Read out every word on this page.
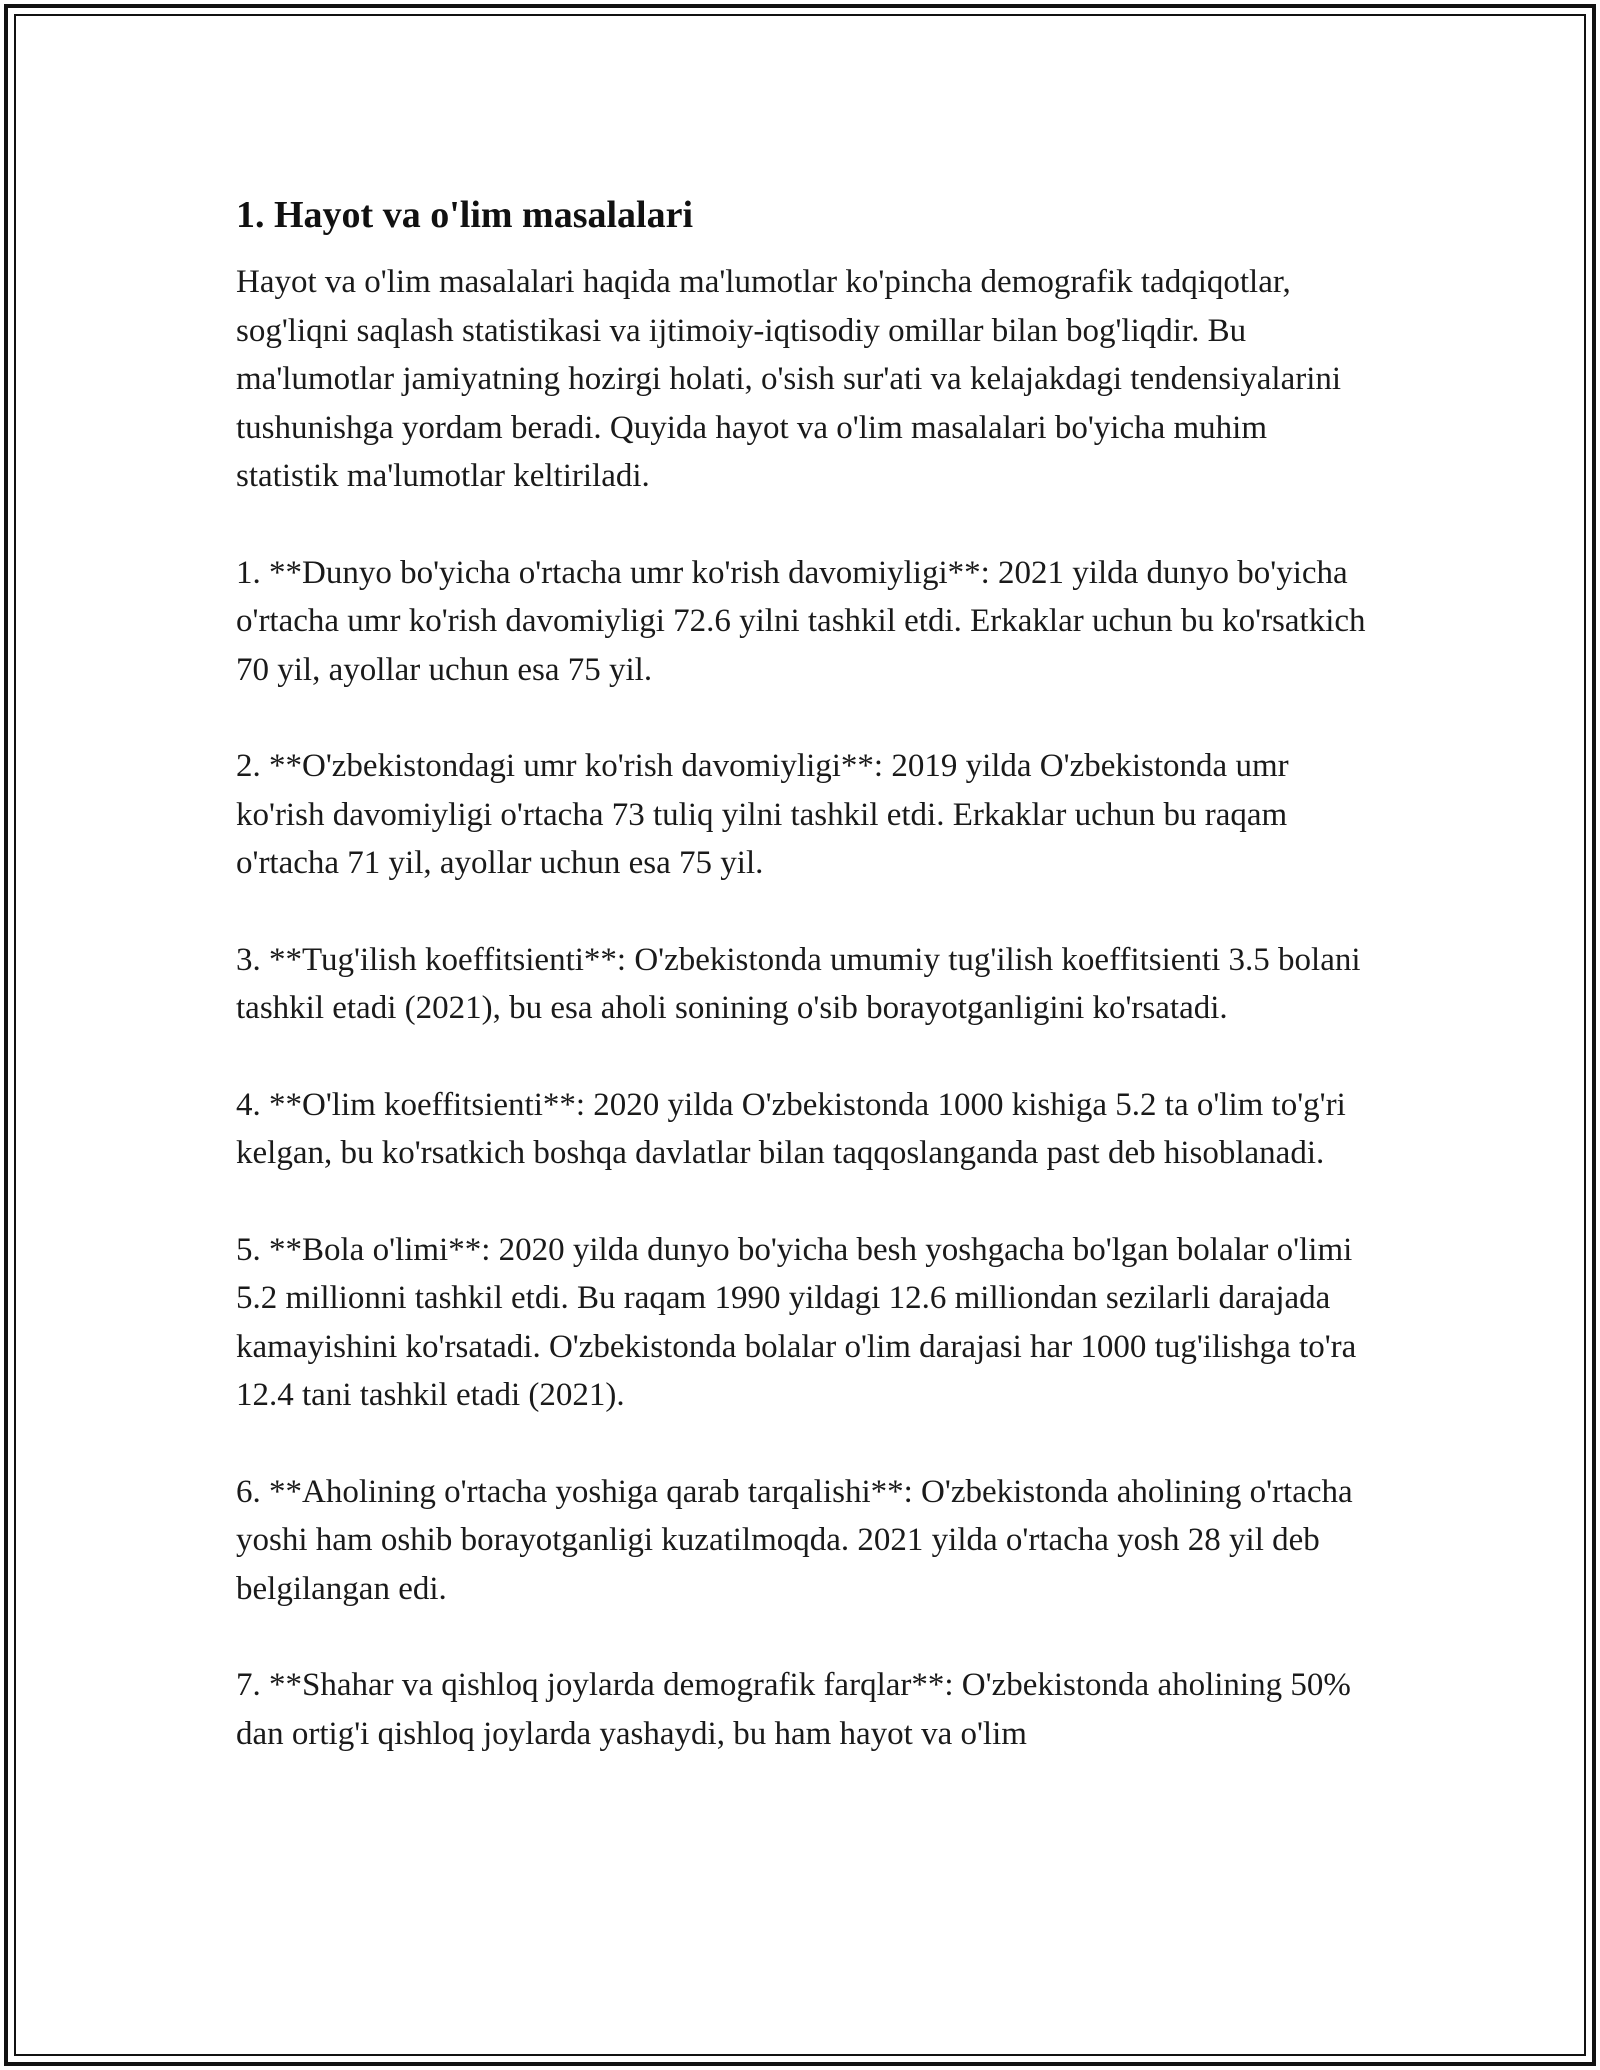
1. Hayot va o'lim masalalari

Hayot va o'lim masalalari haqida ma'lumotlar ko'pincha demografik tadqiqotlar, sog'liqni saqlash statistikasi va ijtimoiy-iqtisodiy omillar bilan bog'liqdir. Bu ma'lumotlar jamiyatning hozirgi holati, o'sish sur'ati va kelajakdagi tendensiyalarini tushunishga yordam beradi. Quyida hayot va o'lim masalalari bo'yicha muhim statistik ma'lumotlar keltiriladi.

1. **Dunyo bo'yicha o'rtacha umr ko'rish davomiyligi**: 2021 yilda dunyo bo'yicha o'rtacha umr ko'rish davomiyligi 72.6 yilni tashkil etdi. Erkaklar uchun bu ko'rsatkich 70 yil, ayollar uchun esa 75 yil.

2. **O'zbekistondagi umr ko'rish davomiyligi**: 2019 yilda O'zbekistonda umr ko'rish davomiyligi o'rtacha 73 tuliq yilni tashkil etdi. Erkaklar uchun bu raqam o'rtacha 71 yil, ayollar uchun esa 75 yil.

3. **Tug'ilish koeffitsienti**: O'zbekistonda umumiy tug'ilish koeffitsienti 3.5 bolani tashkil etadi (2021), bu esa aholi sonining o'sib borayotganligini ko'rsatadi.

4. **O'lim koeffitsienti**: 2020 yilda O'zbekistonda 1000 kishiga 5.2 ta o'lim to'g'ri kelgan, bu ko'rsatkich boshqa davlatlar bilan taqqoslanganda past deb hisoblanadi.

5. **Bola o'limi**: 2020 yilda dunyo bo'yicha besh yoshgacha bo'lgan bolalar o'limi 5.2 millionni tashkil etdi. Bu raqam 1990 yildagi 12.6 milliondan sezilarli darajada kamayishini ko'rsatadi. O'zbekistonda bolalar o'lim darajasi har 1000 tug'ilishga to'ra 12.4 tani tashkil etadi (2021).

6. **Aholining o'rtacha yoshiga qarab tarqalishi**: O'zbekistonda aholining o'rtacha yoshi ham oshib borayotganligi kuzatilmoqda. 2021 yilda o'rtacha yosh 28 yil deb belgilangan edi.

7. **Shahar va qishloq joylarda demografik farqlar**: O'zbekistonda aholining 50% dan ortig'i qishloq joylarda yashaydi, bu ham hayot va o'lim
